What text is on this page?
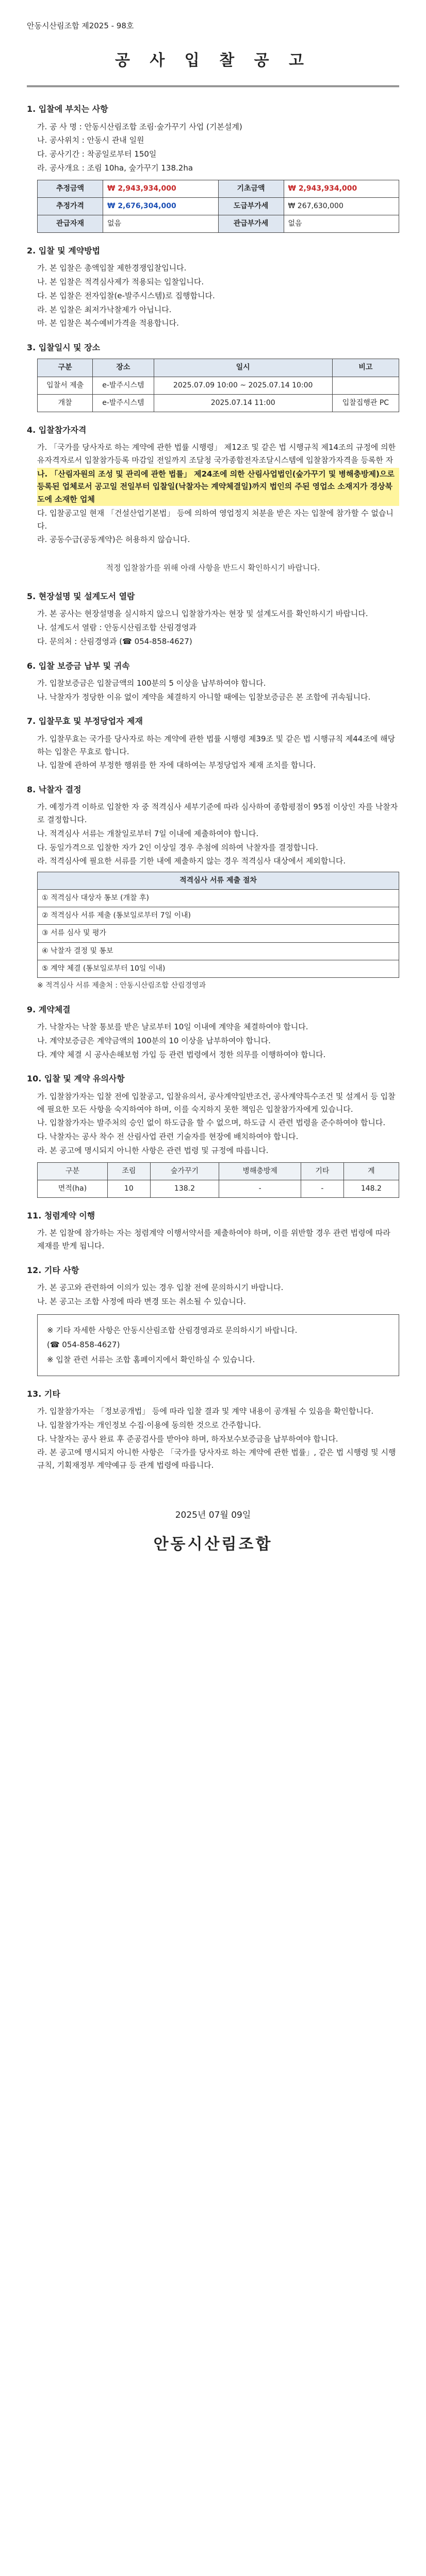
안동시산림조합 제2025 - 98호
공 사 입 찰 공 고
1. 입찰에 부치는 사항
가. 공 사 명 : 안동시산림조합 조림·숲가꾸기 사업 (기본설계)
나. 공사위치 : 안동시 관내 일원
다. 공사기간 : 착공일로부터 150일
라. 공사개요 : 조림 10ha, 숲가꾸기 138.2ha
추정금액	₩ 2,943,934,000	기초금액	₩ 2,943,934,000
추정가격	₩ 2,676,304,000	도급부가세	₩ 267,630,000
관급자재	없음	관급부가세	없음
2. 입찰 및 계약방법
가. 본 입찰은 총액입찰 제한경쟁입찰입니다.
나. 본 입찰은 적격심사제가 적용되는 입찰입니다.
다. 본 입찰은 전자입찰(e-발주시스템)로 집행합니다.
라. 본 입찰은 최저가낙찰제가 아닙니다.
마. 본 입찰은 복수예비가격을 적용합니다.
3. 입찰일시 및 장소
구분	장소	일시	비고
입찰서 제출	e-발주시스템	2025.07.09 10:00 ~ 2025.07.14 10:00	
개찰	e-발주시스템	2025.07.14 11:00	입찰집행관 PC
4. 입찰참가자격
가. 「국가를 당사자로 하는 계약에 관한 법률 시행령」 제12조 및 같은 법 시행규칙 제14조의 규정에 의한 유자격자로서 입찰참가등록 마감일 전일까지 조달청 국가종합전자조달시스템에 입찰참가자격을 등록한 자
나. 「산림자원의 조성 및 관리에 관한 법률」 제24조에 의한 산림사업법인(숲가꾸기 및 병해충방제)으로 등록된 업체로서 공고일 전일부터 입찰일(낙찰자는 계약체결일)까지 법인의 주된 영업소 소재지가 경상북도에 소재한 업체
다. 입찰공고일 현재 「건설산업기본법」 등에 의하여 영업정지 처분을 받은 자는 입찰에 참가할 수 없습니다.
라. 공동수급(공동계약)은 허용하지 않습니다.
적정 입찰참가를 위해 아래 사항을 반드시 확인하시기 바랍니다.
5. 현장설명 및 설계도서 열람
가. 본 공사는 현장설명을 실시하지 않으니 입찰참가자는 현장 및 설계도서를 확인하시기 바랍니다.
나. 설계도서 열람 : 안동시산림조합 산림경영과
다. 문의처 : 산림경영과 (☎ 054-858-4627)
6. 입찰 보증금 납부 및 귀속
가. 입찰보증금은 입찰금액의 100분의 5 이상을 납부하여야 합니다.
나. 낙찰자가 정당한 이유 없이 계약을 체결하지 아니할 때에는 입찰보증금은 본 조합에 귀속됩니다.
7. 입찰무효 및 부정당업자 제재
가. 입찰무효는 국가를 당사자로 하는 계약에 관한 법률 시행령 제39조 및 같은 법 시행규칙 제44조에 해당하는 입찰은 무효로 합니다.
나. 입찰에 관하여 부정한 행위를 한 자에 대하여는 부정당업자 제재 조치를 합니다.
8. 낙찰자 결정
가. 예정가격 이하로 입찰한 자 중 적격심사 세부기준에 따라 심사하여 종합평점이 95점 이상인 자를 낙찰자로 결정합니다.
나. 적격심사 서류는 개찰일로부터 7일 이내에 제출하여야 합니다.
다. 동일가격으로 입찰한 자가 2인 이상일 경우 추첨에 의하여 낙찰자를 결정합니다.
라. 적격심사에 필요한 서류를 기한 내에 제출하지 않는 경우 적격심사 대상에서 제외합니다.
적격심사 서류 제출 절차
① 적격심사 대상자 통보 (개찰 후)
② 적격심사 서류 제출 (통보일로부터 7일 이내)
③ 서류 심사 및 평가
④ 낙찰자 결정 및 통보
⑤ 계약 체결 (통보일로부터 10일 이내)
※ 적격심사 서류 제출처 : 안동시산림조합 산림경영과
9. 계약체결
가. 낙찰자는 낙찰 통보를 받은 날로부터 10일 이내에 계약을 체결하여야 합니다.
나. 계약보증금은 계약금액의 100분의 10 이상을 납부하여야 합니다.
다. 계약 체결 시 공사손해보험 가입 등 관련 법령에서 정한 의무를 이행하여야 합니다.
10. 입찰 및 계약 유의사항
가. 입찰참가자는 입찰 전에 입찰공고, 입찰유의서, 공사계약일반조건, 공사계약특수조건 및 설계서 등 입찰에 필요한 모든 사항을 숙지하여야 하며, 이를 숙지하지 못한 책임은 입찰참가자에게 있습니다.
나. 입찰참가자는 발주처의 승인 없이 하도급을 할 수 없으며, 하도급 시 관련 법령을 준수하여야 합니다.
다. 낙찰자는 공사 착수 전 산림사업 관련 기술자를 현장에 배치하여야 합니다.
라. 본 공고에 명시되지 아니한 사항은 관련 법령 및 규정에 따릅니다.
구분	조림	숲가꾸기	병해충방제	기타	계
면적(ha)	10	138.2	-	-	148.2
11. 청렴계약 이행
가. 본 입찰에 참가하는 자는 청렴계약 이행서약서를 제출하여야 하며, 이를 위반할 경우 관련 법령에 따라 제재를 받게 됩니다.
12. 기타 사항
가. 본 공고와 관련하여 이의가 있는 경우 입찰 전에 문의하시기 바랍니다.
나. 본 공고는 조합 사정에 따라 변경 또는 취소될 수 있습니다.

※ 기타 자세한 사항은 안동시산림조합 산림경영과로 문의하시기 바랍니다.

(☎ 054-858-4627)

※ 입찰 관련 서류는 조합 홈페이지에서 확인하실 수 있습니다.

13. 기타
가. 입찰참가자는 「정보공개법」 등에 따라 입찰 결과 및 계약 내용이 공개될 수 있음을 확인합니다.
나. 입찰참가자는 개인정보 수집·이용에 동의한 것으로 간주합니다.
다. 낙찰자는 공사 완료 후 준공검사를 받아야 하며, 하자보수보증금을 납부하여야 합니다.
라. 본 공고에 명시되지 아니한 사항은 「국가를 당사자로 하는 계약에 관한 법률」, 같은 법 시행령 및 시행규칙, 기획재정부 계약예규 등 관계 법령에 따릅니다.
2025년 07월 09일
안동시산림조합
